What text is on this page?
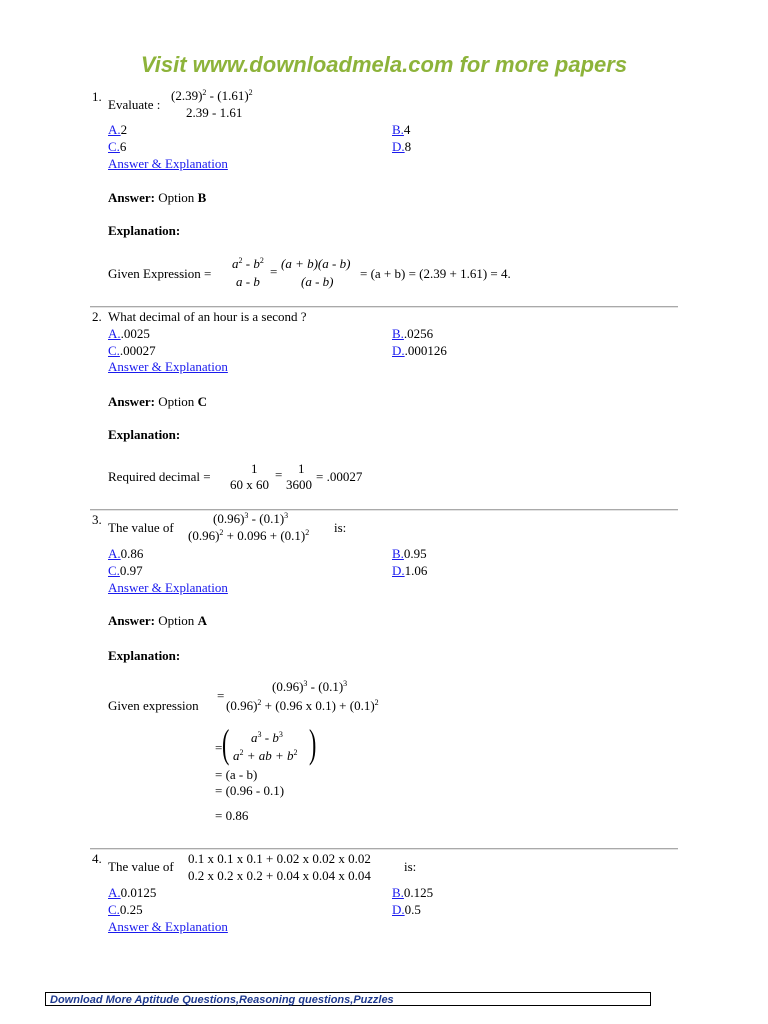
Visit www.downloadmela.com for more papers
1.
Evaluate :
$(2.39)^2 - (1.61)^2$
2.39 - 1.61
A.2	B.4
C.6	D.8
Answer & Explanation
Answer: Option B
Explanation:
Given Expression =
$a^2 - b^2$
a - b
=
(a + b)(a - b)
(a - b)
= (a + b) = (2.39 + 1.61) = 4.
2. What decimal of an hour is a second ?
A..0025	B..0256
C..00027	D..000126
Answer & Explanation
Answer: Option C
Explanation:
Required decimal =
1
60 x 60
= 1
3600
= .00027
3.
The value of
$(0.96)^3 - (0.1)^3$
$(0.96)^2 + 0.096 + (0.1)^2$ is:
A.0.86	B.0.95
C.0.97	D.1.06
Answer & Explanation
Answer: Option A
Explanation:
Given expression
=
$(0.96)^3 - (0.1)^3$
$(0.96)^2 + (0.96$ x $0.1) + (0.1)^2$
= ( $a^3 - b^3$
$a^2$ + ab + $b^2$ )
= (a - b)
= (0.96 - 0.1)
= 0.86
4.
The value of
0.1 x 0.1 x 0.1 + 0.02 x 0.02 x 0.02
0.2 x 0.2 x 0.2 + 0.04 x 0.04 x 0.04
is:
A.0.0125	B.0.125
C.0.25	D.0.5
Answer & Explanation
Download More Aptitude Questions,Reasoning questions,Puzzles
